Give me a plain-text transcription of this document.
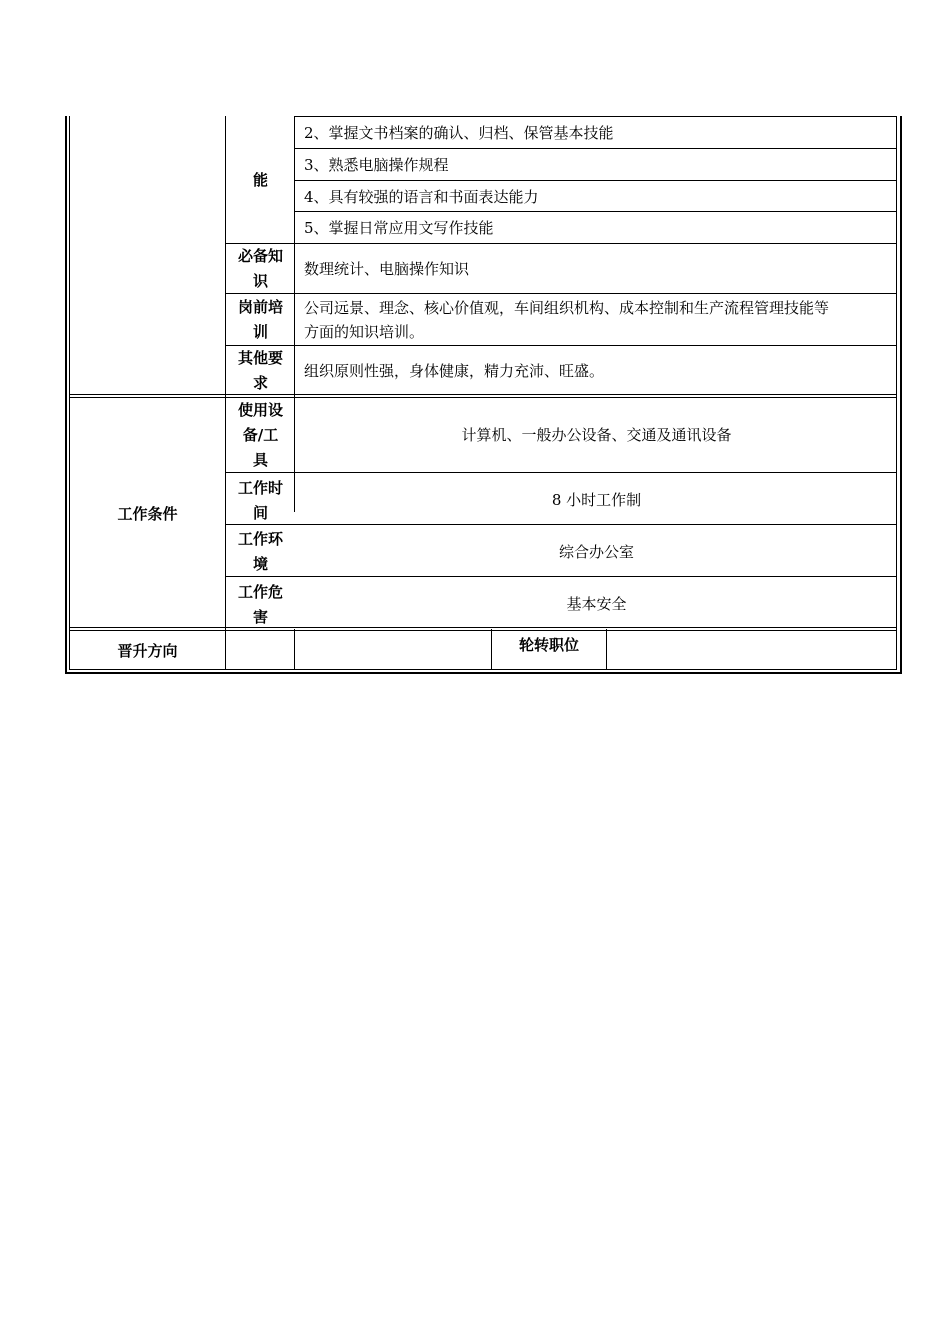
能
2、掌握文书档案的确认、归档、保管基本技能
3、熟悉电脑操作规程
4、具有较强的语言和书面表达能力
5、掌握日常应用文写作技能
必备知
识
数理统计、电脑操作知识
岗前培
训
公司远景、理念、核心价值观，车间组织机构、成本控制和生产流程管理技能等
方面的知识培训。
其他要
求
组织原则性强，身体健康，精力充沛、旺盛。
工作条件
使用设
备/工
具
计算机、一般办公设备、交通及通讯设备
工作时
间
8 小时工作制
工作环
境
综合办公室
工作危
害
基本安全
晋升方向	轮转职位
